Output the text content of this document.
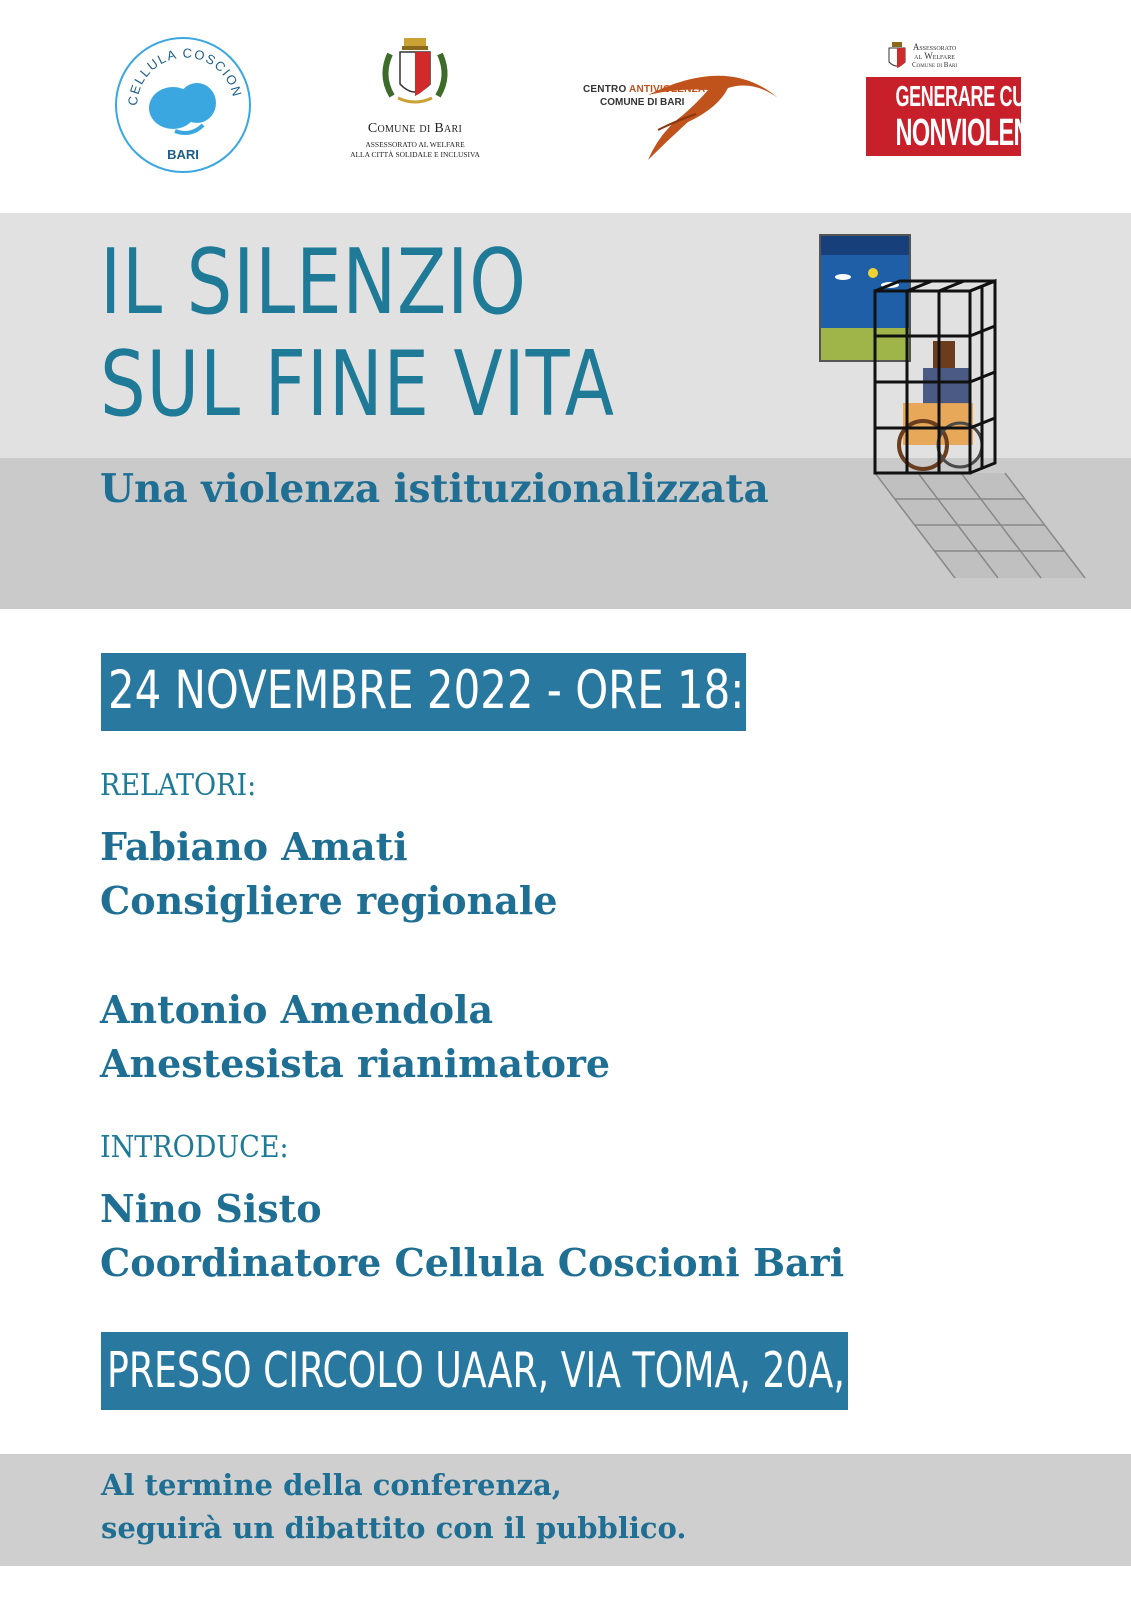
CELLULA COSCION
BARI
Comune di Bari
ASSESSORATO AL WELFARE
ALLA CITTÀ SOLIDALE E INCLUSIVA
CENTRO ANTIVIOLENZA
COMUNE DI BARI
Assessorato
al Welfare
Comune di Bari
GENERARE CULTURE
NONVIOLENTE
IL SILENZIO
SUL FINE VITA
Una violenza istituzionalizzata
24 NOVEMBRE 2022 - ORE 18:00
RELATORI:
Fabiano Amati
Consigliere regionale
Antonio Amendola
Anestesista rianimatore
INTRODUCE:
Nino Sisto
Coordinatore Cellula Coscioni Bari
PRESSO CIRCOLO UAAR, VIA TOMA, 20A, BARI
Al termine della conferenza,
seguirà un dibattito con il pubblico.
